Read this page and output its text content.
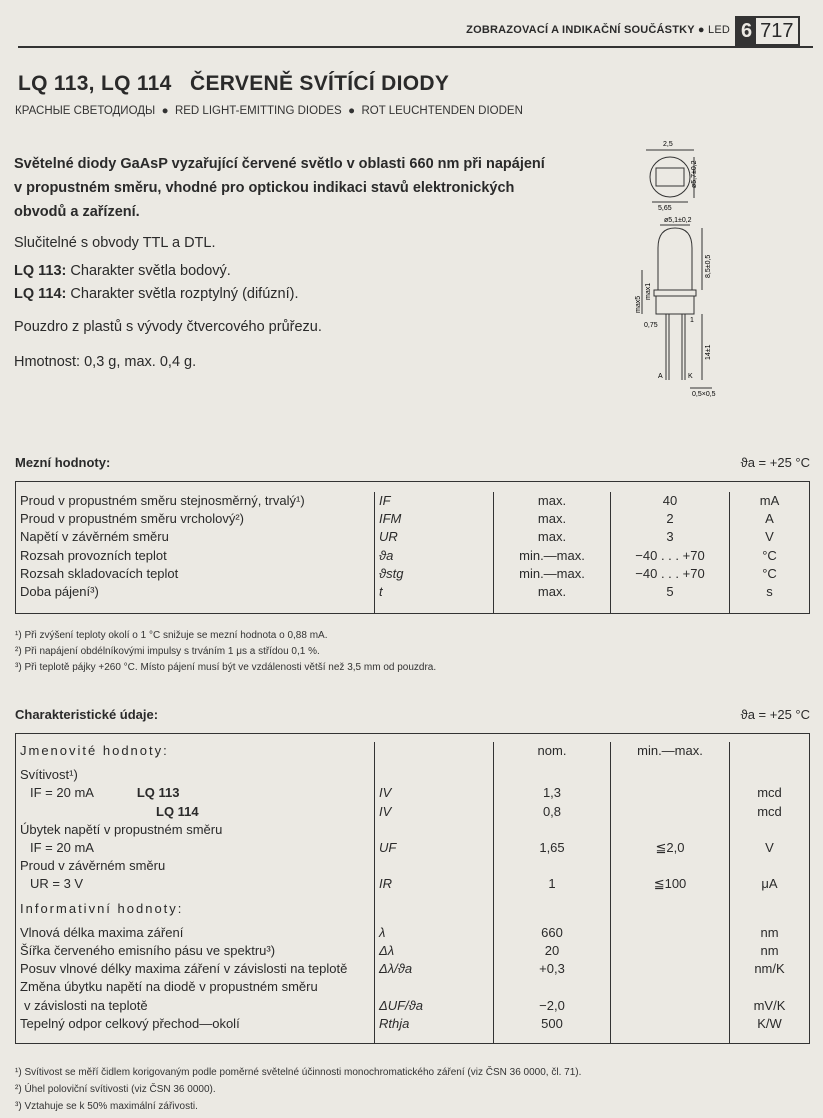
ZOBRAZOVACÍ A INDIKAČNÍ SOUČÁSTKY ● LED 6 717
LQ 113, LQ 114   ČERVENĚ SVÍTÍCÍ DIODY
КРАСНЫЕ СВЕТОДИОДЫ  ●  RED LIGHT-EMITTING DIODES  ●  ROT LEUCHTENDEN DIODEN
Světelné diody GaAsP vyzařující červené světlo v oblasti 660 nm při napájení v propustném směru, vhodné pro optickou indikaci stavů elektronických obvodů a zařízení.
Slučitelné s obvody TTL a DTL.
LQ 113: Charakter světla bodový.
LQ 114: Charakter světla rozptylný (difúzní).
Pouzdro z plastů s vývody čtvercového průřezu.
Hmotnost: 0,3 g, max. 0,4 g.
2,5
ø5,7±0,2
5,65
ø5,1±0,2
8,5±0,5
max5
max1
0,75
1
14±1
A	K
0,5×0,5
Mezní hodnoty:	ϑa = +25 °C

Proud v propustném směru stejnosměrný, trvalý¹)	IF	max.	40	mA
Proud v propustném směru vrcholový²)	IFM	max.	2	A
Napětí v závěrném směru	UR	max.	3	V
Rozsah provozních teplot	ϑa	min.—max.	−40 . . . +70	°C
Rozsah skladovacích teplot	ϑstg	min.—max.	−40 . . . +70	°C
Doba pájení³)	t	max.	5	s

¹) Při zvýšení teploty okolí o 1 °C snižuje se mezní hodnota o 0,88 mA.
²) Při napájení obdélníkovými impulsy s trváním 1 μs a střídou 0,1 %.
³) Při teplotě pájky +260 °C. Místo pájení musí být ve vzdálenosti větší než 3,5 mm od pouzdra.
Charakteristické údaje:	ϑa = +25 °C

Jmenovité hodnoty:		nom.	min.—max.	

Svítivost¹)				
IF = 20 mA LQ 113	IV	1,3		mcd
LQ 114	IV	0,8		mcd
Úbytek napětí v propustném směru				
IF = 20 mA	UF	1,65	≦2,0	V
Proud v závěrném směru				
UR = 3 V	IR	1	≦100	μA

Informativní hodnoty:				

Vlnová délka maxima záření	λ	660		nm
Šířka červeného emisního pásu ve spektru³)	Δλ	20		nm
Posuv vlnové délky maxima záření v závislosti na teplotě	Δλ/ϑa	+0,3		nm/K
Změna úbytku napětí na diodě v propustném směru				
v závislosti na teplotě	ΔUF/ϑa	−2,0		mV/K
Tepelný odpor celkový přechod—okolí	Rthja	500		K/W

¹) Svítivost se měří čidlem korigovaným podle poměrné světelné účinnosti monochromatického záření (viz ČSN 36 0000, čl. 71).
²) Úhel poloviční svítivosti (viz ČSN 36 0000).
³) Vztahuje se k 50% maximální zářivosti.
